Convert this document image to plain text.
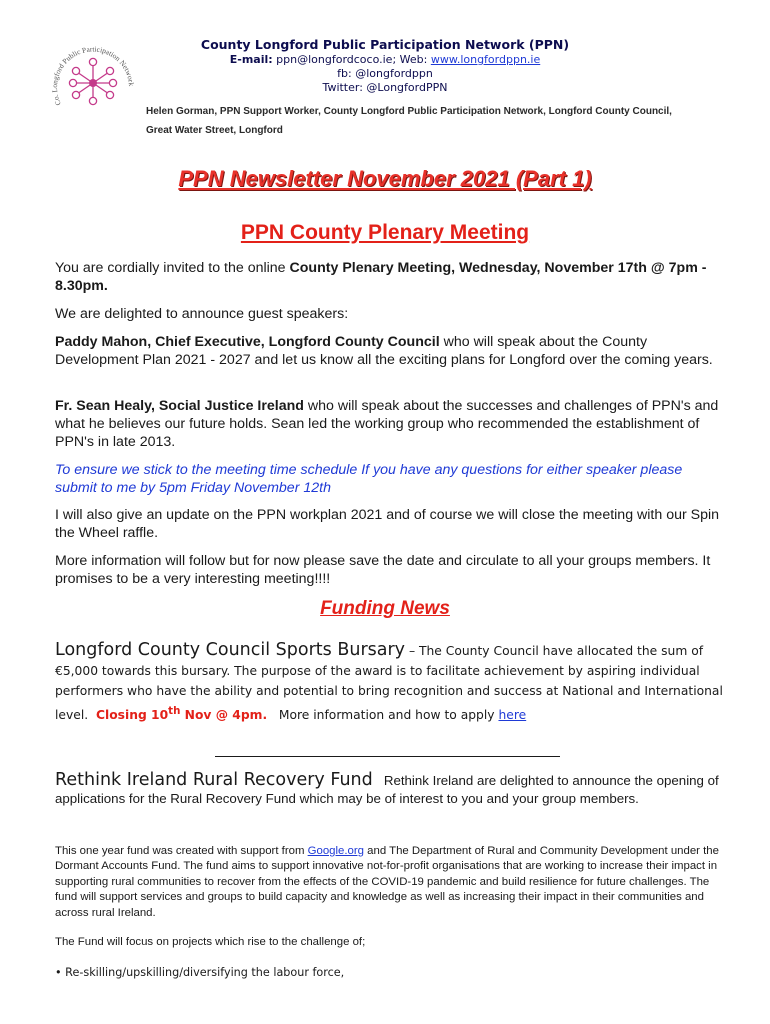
Co. Longford Public Participation Network
County Longford Public Participation Network (PPN)
E-mail: ppn@longfordcoco.ie; Web: www.longfordppn.ie
fb: @longfordppn
Twitter: @LongfordPPN
Helen Gorman, PPN Support Worker, County Longford Public Participation Network, Longford County Council,
Great Water Street, Longford
PPN Newsletter November 2021 (Part 1)
PPN County Plenary Meeting

You are cordially invited to the online County Plenary Meeting, Wednesday, November 17th @ 7pm - 8.30pm.

We are delighted to announce guest speakers:

Paddy Mahon, Chief Executive, Longford County Council who will speak about the County Development Plan 2021 - 2027 and let us know all the exciting plans for Longford over the coming years.

Fr. Sean Healy, Social Justice Ireland who will speak about the successes and challenges of PPN's and what he believes our future holds. Sean led the working group who recommended the establishment of PPN's in late 2013.

To ensure we stick to the meeting time schedule If you have any questions for either speaker please submit to me by 5pm Friday November 12th

I will also give an update on the PPN workplan 2021 and of course we will close the meeting with our Spin the Wheel raffle.

More information will follow but for now please save the date and circulate to all your groups members. It promises to be a very interesting meeting!!!!

Funding News
Longford County Council Sports Bursary – The County Council have allocated the sum of €5,000 towards this bursary. The purpose of the award is to facilitate achievement by aspiring individual performers who have the ability and potential to bring recognition and success at National and International level. Closing 10th Nov @ 4pm. More information and how to apply here
Rethink Ireland Rural Recovery Fund Rethink Ireland are delighted to announce the opening of applications for the Rural Recovery Fund which may be of interest to you and your group members.

This one year fund was created with support from Google.org and The Department of Rural and Community Development under the Dormant Accounts Fund. The fund aims to support innovative not-for-profit organisations that are working to increase their impact in supporting rural communities to recover from the effects of the COVID-19 pandemic and build resilience for future challenges. The fund will support services and groups to build capacity and knowledge as well as increasing their impact in their communities and across rural Ireland.

The Fund will focus on projects which rise to the challenge of;

• Re-skilling/upskilling/diversifying the labour force,
